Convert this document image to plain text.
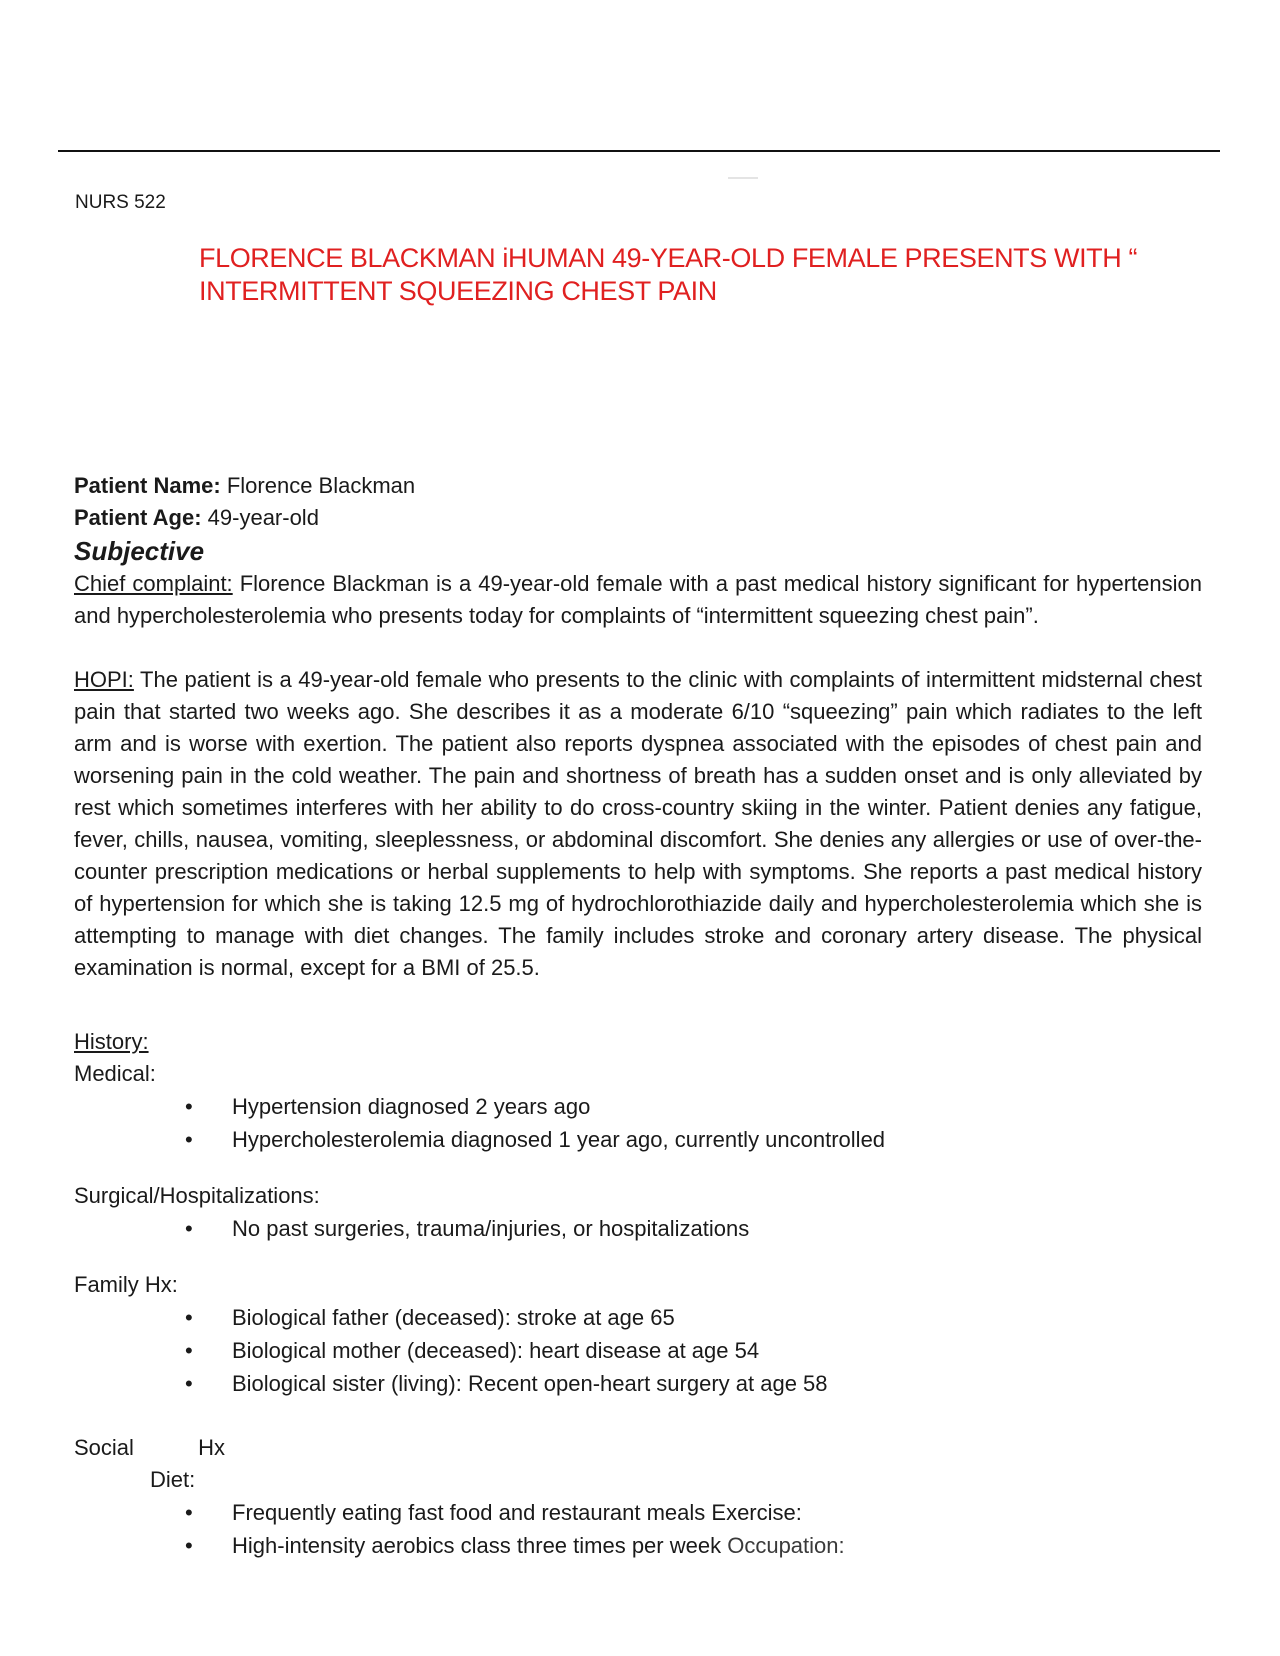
NURS 522
FLORENCE BLACKMAN iHUMAN 49-YEAR-OLD FEMALE PRESENTS WITH “
INTERMITTENT SQUEEZING CHEST PAIN

Patient Name: Florence Blackman

Patient Age: 49-year-old

Subjective

Chief complaint: Florence Blackman is a 49-year-old female with a past medical history significant for hypertension and hypercholesterolemia who presents today for complaints of “intermittent squeezing chest pain”.

HOPI: The patient is a 49-year-old female who presents to the clinic with complaints of intermittent midsternal chest pain that started two weeks ago. She describes it as a moderate 6/10 “squeezing” pain which radiates to the left arm and is worse with exertion. The patient also reports dyspnea associated with the episodes of chest pain and worsening pain in the cold weather. The pain and shortness of breath has a sudden onset and is only alleviated by rest which sometimes interferes with her ability to do cross-country skiing in the winter. Patient denies any fatigue, fever, chills, nausea, vomiting, sleeplessness, or abdominal discomfort. She denies any allergies or use of over-the-counter prescription medications or herbal supplements to help with symptoms. She reports a past medical history of hypertension for which she is taking 12.5 mg of hydrochlorothiazide daily and hypercholesterolemia which she is attempting to manage with diet changes. The family includes stroke and coronary artery disease. The physical examination is normal, except for a BMI of 25.5.

History:

Medical:

• Hypertension diagnosed 2 years ago
• Hypercholesterolemia diagnosed 1 year ago, currently uncontrolled

Surgical/Hospitalizations:

• No past surgeries, trauma/injuries, or hospitalizations

Family Hx:

• Biological father (deceased): stroke at age 65
• Biological mother (deceased): heart disease at age 54
• Biological sister (living): Recent open-heart surgery at age 58

Social	Hx

Diet:

• Frequently eating fast food and restaurant meals Exercise:
• High-intensity aerobics class three times per week Occupation:
